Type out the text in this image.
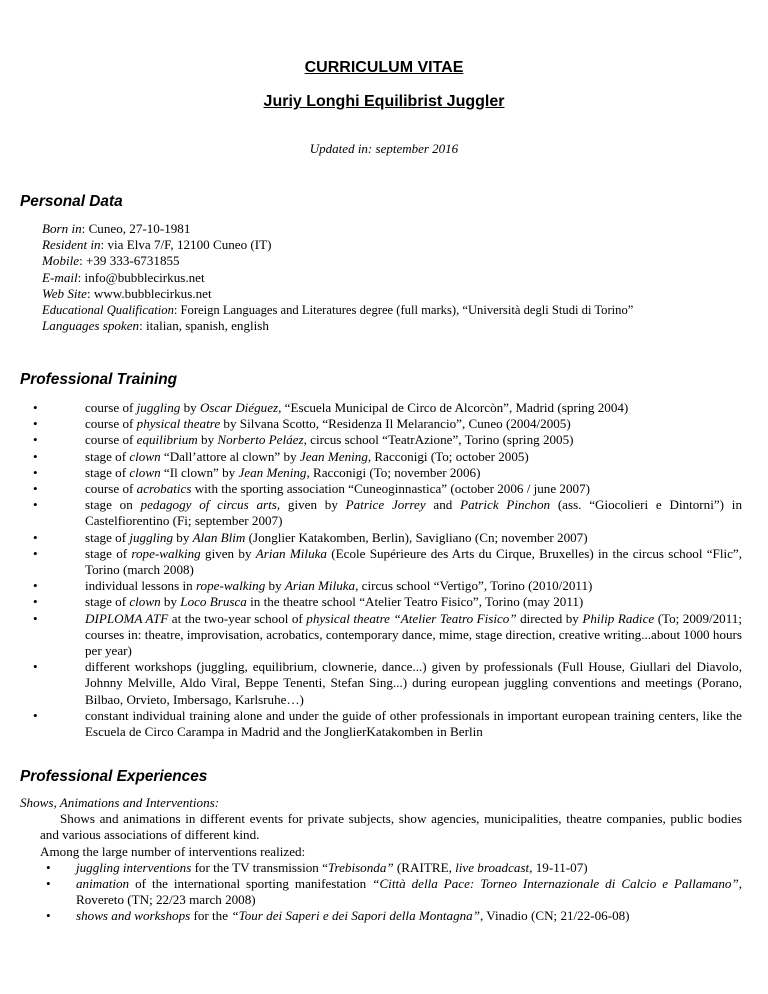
CURRICULUM VITAE
Juriy Longhi Equilibrist Juggler
Updated in: september 2016
Personal Data
Born in: Cuneo, 27-10-1981
Resident in: via Elva 7/F, 12100 Cuneo (IT)
Mobile: +39 333-6731855
E-mail: info@bubblecirkus.net
Web Site: www.bubblecirkus.net
Educational Qualification: Foreign Languages and Literatures degree (full marks), “Università degli Studi di Torino”
Languages spoken: italian, spanish, english
Professional Training
•	course of juggling by Oscar Diéguez, “Escuela Municipal de Circo de Alcorcòn”, Madrid (spring 2004)
•	course of physical theatre by Silvana Scotto, “Residenza Il Melarancio”, Cuneo (2004/2005)
•	course of equilibrium by Norberto Peláez, circus school “TeatrAzione”, Torino (spring 2005)
•	stage of clown “Dall’attore al clown” by Jean Mening, Racconigi (To; october 2005)
•	stage of clown “Il clown” by Jean Mening, Racconigi (To; november 2006)
•	course of acrobatics with the sporting association “Cuneoginnastica” (october 2006 / june 2007)
•	stage on pedagogy of circus arts, given by Patrice Jorrey and Patrick Pinchon (ass. “Giocolieri e Dintorni”) in Castelfiorentino (Fi; september 2007)
•	stage of juggling by Alan Blim (Jonglier Katakomben, Berlin), Savigliano (Cn; november 2007)
•	stage of rope-walking given by Arian Miluka (Ecole Supérieure des Arts du Cirque, Bruxelles) in the circus school “Flic”, Torino (march 2008)
•	individual lessons in rope-walking by Arian Miluka, circus school “Vertigo”, Torino (2010/2011)
•	stage of clown by Loco Brusca in the theatre school “Atelier Teatro Fisico”, Torino (may 2011)
•	DIPLOMA ATF at the two-year school of physical theatre “Atelier Teatro Fisico” directed by Philip Radice (To; 2009/2011; courses in: theatre, improvisation, acrobatics, contemporary dance, mime, stage direction, creative writing...about 1000 hours per year)
•	different workshops (juggling, equilibrium, clownerie, dance...) given by professionals (Full House, Giullari del Diavolo, Johnny Melville, Aldo Viral, Beppe Tenenti, Stefan Sing...) during european juggling conventions and meetings (Porano, Bilbao, Orvieto, Imbersago, Karlsruhe…)
•	constant individual training alone and under the guide of other professionals in important european training centers, like the Escuela de Circo Carampa in Madrid and the JonglierKatakomben in Berlin
Professional Experiences
Shows, Animations and Interventions:
Shows and animations in different events for private subjects, show agencies, municipalities, theatre companies, public bodies and various associations of different kind.
Among the large number of interventions realized:
• juggling interventions for the TV transmission “Trebisonda” (RAITRE, live broadcast, 19-11-07)
• animation of the international sporting manifestation “Città della Pace: Torneo Internazionale di Calcio e Pallamano”, Rovereto (TN; 22/23 march 2008)
• shows and workshops for the “Tour dei Saperi e dei Sapori della Montagna”, Vinadio (CN; 21/22-06-08)
